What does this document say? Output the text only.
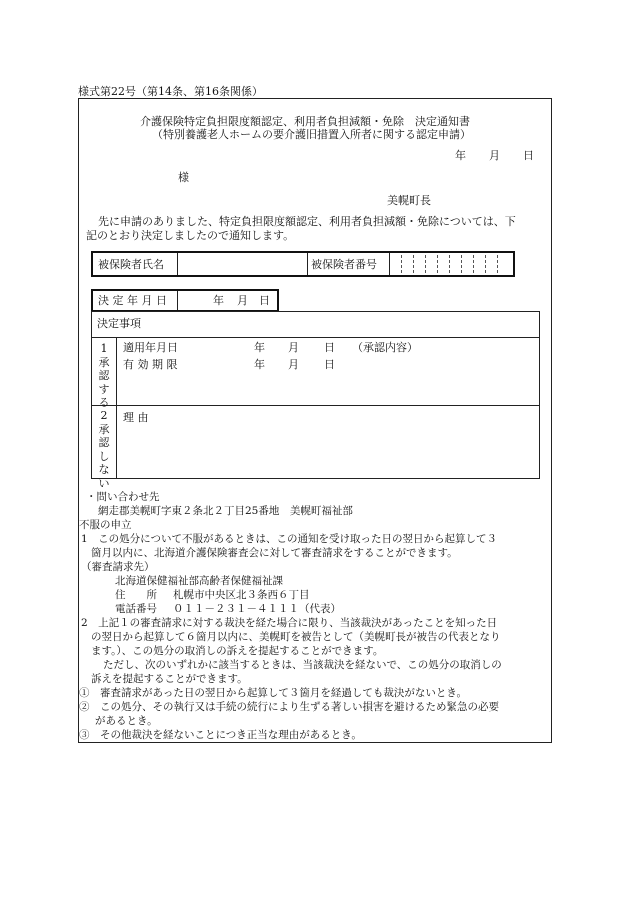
様式第22号（第14条、第16条関係）
介護保険特定負担限度額認定、利用者負担減額・免除　決定通知書
（特別養護老人ホームの要介護旧措置入所者に関する認定申請）
年 月 日
様
美幌町長
先に申請のありました、特定負担限度額認定、利用者負担減額・免除については、下
記のとおり決定しましたので通知します。
被保険者氏名	被保険者番号
決 定 年 月 日	年 月 日
決定事項
1承認する
適用年月日	年 月 日 （承認内容）
有 効 期 限	年 月 日
2承認しない
理 由
・問い合わせ先
網走郡美幌町字東２条北２丁目25番地　美幌町福祉部
不服の申立
1　この処分について不服があるときは、この通知を受け取った日の翌日から起算して３
箇月以内に、北海道介護保険審査会に対して審査請求をすることができます。
（審査請求先）
北海道保健福祉部高齢者保健福祉課
住　　所 札幌市中央区北３条西６丁目
電話番号 ０１１－２３１－４１１１（代表）
2　上記１の審査請求に対する裁決を経た場合に限り、当該裁決があったことを知った日
の翌日から起算して６箇月以内に、美幌町を被告として（美幌町長が被告の代表となり
ます。）、この処分の取消しの訴えを提起することができます。
ただし、次のいずれかに該当するときは、当該裁決を経ないで、この処分の取消しの
訴えを提起することができます。
①　審査請求があった日の翌日から起算して３箇月を経過しても裁決がないとき。
②　この処分、その執行又は手続の続行により生ずる著しい損害を避けるため緊急の必要
があるとき。
③　その他裁決を経ないことにつき正当な理由があるとき。
